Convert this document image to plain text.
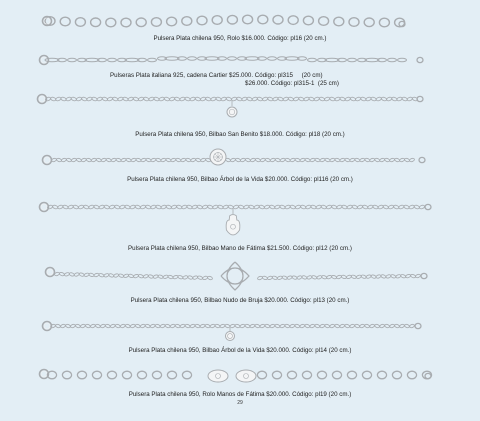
Pulsera Plata chilena 950, Rolo $16.000. Código: pl16 (20 cm.)
Pulseras Plata italiana 925, cadena Cartier $25.000. Código: pl315     (20 cm)
$26.000. Código: pl315-1  (25 cm)
Pulsera Plata chilena 950, Bilbao San Benito $18.000. Código: pl18 (20 cm.)
Pulsera Plata chilena 950, Bilbao Árbol de la Vida $20.000. Código: pl116 (20 cm.)
Pulsera Plata chilena 950, Bilbao Mano de Fátima $21.500. Código: pl12 (20 cm.)
Pulsera Plata chilena 950, Bilbao Nudo de Bruja $20.000. Código: pl13 (20 cm.)
Pulsera Plata chilena 950, Bilbao Árbol de la Vida $20.000. Código: pl14 (20 cm.)
Pulsera Plata chilena 950, Rolo Manos de Fátima $20.000. Código: pl19 (20 cm.)
29
